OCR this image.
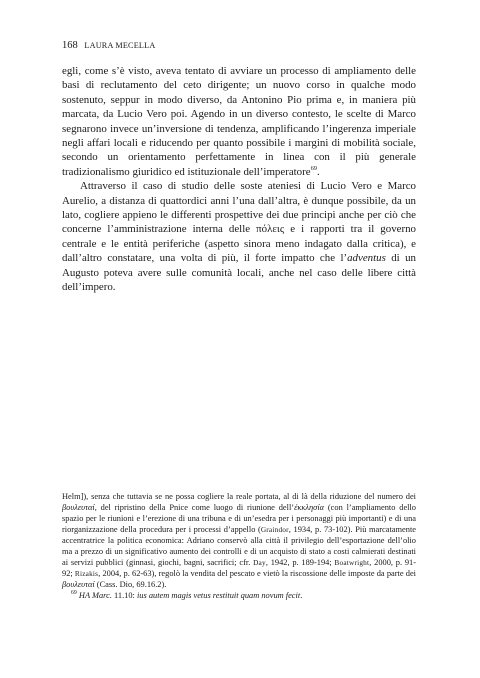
168 LAURA MECELLA

egli, come s’è visto, aveva tentato di avviare un processo di ampliamento delle basi di reclutamento del ceto dirigente; un nuovo corso in qualche modo sostenuto, seppur in modo diverso, da Antonino Pio prima e, in maniera più marcata, da Lucio Vero poi. Agendo in un diverso contesto, le scelte di Marco segnarono invece un’inversione di tendenza, amplificando l’ingerenza imperiale negli affari locali e riducendo per quanto possibile i margini di mobilità sociale, secondo un orientamento perfettamente in linea con il più generale tradizionalismo giuridico ed istituzionale dell’imperatore$^{69}$.

Attraverso il caso di studio delle soste ateniesi di Lucio Vero e Marco Aurelio, a distanza di quattordici anni l’una dall’altra, è dunque possibile, da un lato, cogliere appieno le differenti prospettive dei due principi anche per ciò che concerne l’amministrazione interna delle πόλεις e i rapporti tra il governo centrale e le entità periferiche (aspetto sinora meno indagato dalla critica), e dall’altro constatare, una volta di più, il forte impatto che l’adventus di un Augusto poteva avere sulle comunità locali, anche nel caso delle libere città dell’impero.

Helm]), senza che tuttavia se ne possa cogliere la reale portata, al di là della riduzione del numero dei βουλευταί, del ripristino della Pnice come luogo di riunione dell’ἐκκλησία (con l’ampliamento dello spazio per le riunioni e l’erezione di una tribuna e di un’esedra per i personaggi più importanti) e di una riorganizzazione della procedura per i processi d’appello (Graindor, 1934, p. 73-102). Più marcatamente accentratrice la politica economica: Adriano conservò alla città il privilegio dell’esportazione dell’olio ma a prezzo di un significativo aumento dei controlli e di un acquisto di stato a costi calmierati destinati ai servizi pubblici (ginnasi, giochi, bagni, sacrifici; cfr. Day, 1942, p. 189-194; Boatwright, 2000, p. 91-92; Rizakis, 2004, p. 62-63), regolò la vendita del pescato e vietò la riscossione delle imposte da parte dei βουλευταί (Cass. Dio, 69.16.2).

$^{69}$ HA Marc. 11.10: ius autem magis vetus restituit quam novum fecit.
